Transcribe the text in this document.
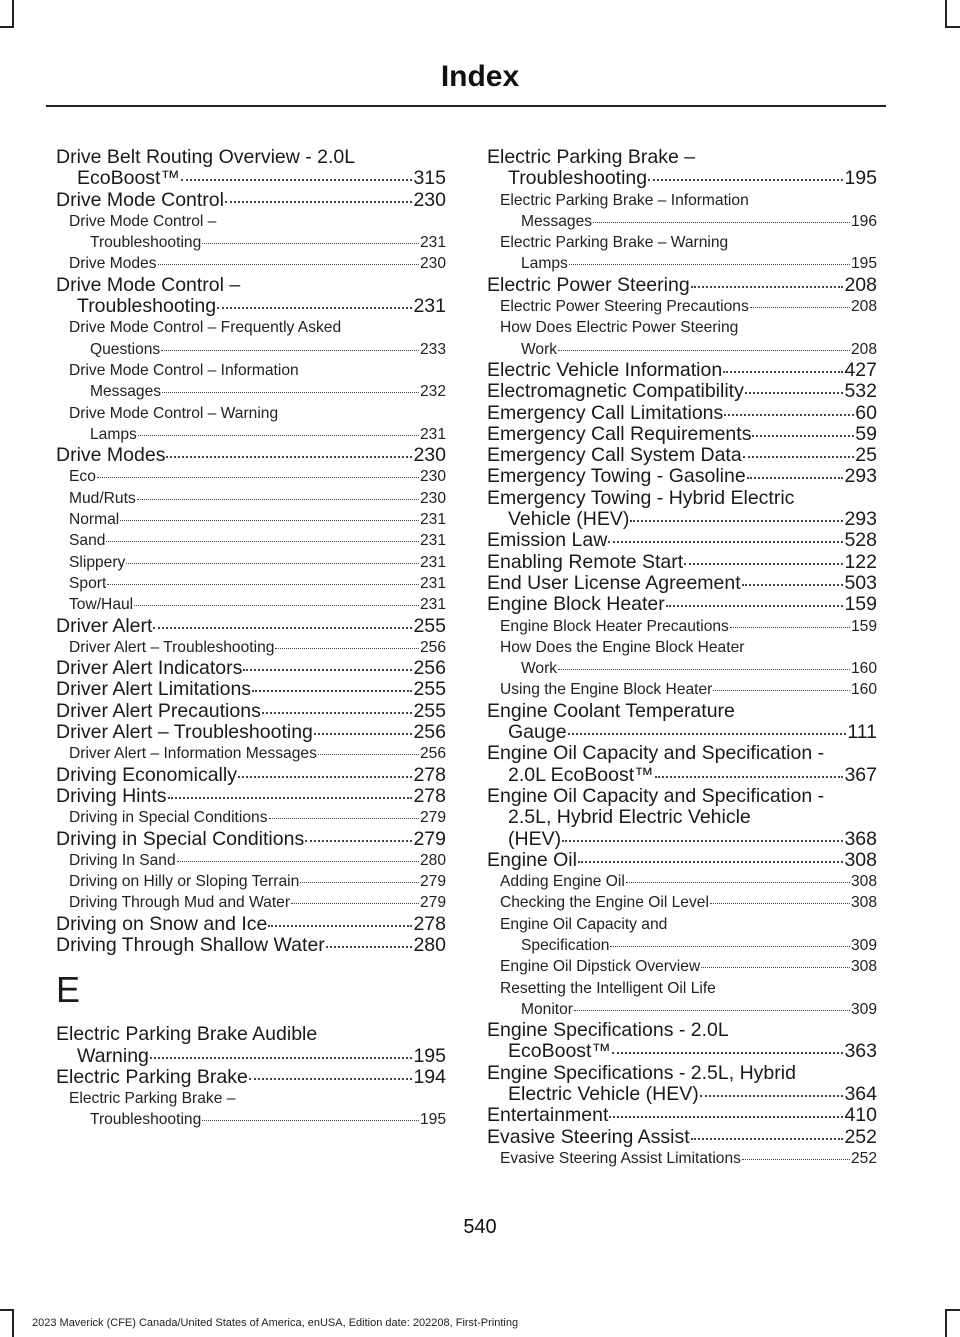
Index
Drive Belt Routing Overview - 2.0L
EcoBoost™	315
Drive Mode Control	230
Drive Mode Control –
Troubleshooting	231
Drive Modes	230
Drive Mode Control –
Troubleshooting	231
Drive Mode Control – Frequently Asked
Questions	233
Drive Mode Control – Information
Messages	232
Drive Mode Control – Warning
Lamps	231
Drive Modes	230
Eco	230
Mud/Ruts	230
Normal	231
Sand	231
Slippery	231
Sport	231
Tow/Haul	231
Driver Alert	255
Driver Alert – Troubleshooting	256
Driver Alert Indicators	256
Driver Alert Limitations	255
Driver Alert Precautions	255
Driver Alert – Troubleshooting	256
Driver Alert – Information Messages	256
Driving Economically	278
Driving Hints	278
Driving in Special Conditions	279
Driving in Special Conditions	279
Driving In Sand	280
Driving on Hilly or Sloping Terrain	279
Driving Through Mud and Water	279
Driving on Snow and Ice	278
Driving Through Shallow Water	280
E
Electric Parking Brake Audible
Warning	195
Electric Parking Brake	194
Electric Parking Brake –
Troubleshooting	195
Electric Parking Brake –
Troubleshooting	195
Electric Parking Brake – Information
Messages	196
Electric Parking Brake – Warning
Lamps	195
Electric Power Steering	208
Electric Power Steering Precautions	208
How Does Electric Power Steering
Work	208
Electric Vehicle Information	427
Electromagnetic Compatibility	532
Emergency Call Limitations	60
Emergency Call Requirements	59
Emergency Call System Data	25
Emergency Towing - Gasoline	293
Emergency Towing - Hybrid Electric
Vehicle (HEV)	293
Emission Law	528
Enabling Remote Start	122
End User License Agreement	503
Engine Block Heater	159
Engine Block Heater Precautions	159
How Does the Engine Block Heater
Work	160
Using the Engine Block Heater	160
Engine Coolant Temperature
Gauge	111
Engine Oil Capacity and Specification -
2.0L EcoBoost™	367
Engine Oil Capacity and Specification -
2.5L, Hybrid Electric Vehicle
(HEV)	368
Engine Oil	308
Adding Engine Oil	308
Checking the Engine Oil Level	308
Engine Oil Capacity and
Specification	309
Engine Oil Dipstick Overview	308
Resetting the Intelligent Oil Life
Monitor	309
Engine Specifications - 2.0L
EcoBoost™	363
Engine Specifications - 2.5L, Hybrid
Electric Vehicle (HEV)	364
Entertainment	410
Evasive Steering Assist	252
Evasive Steering Assist Limitations	252
540
2023 Maverick (CFE) Canada/United States of America, enUSA, Edition date: 202208, First-Printing
